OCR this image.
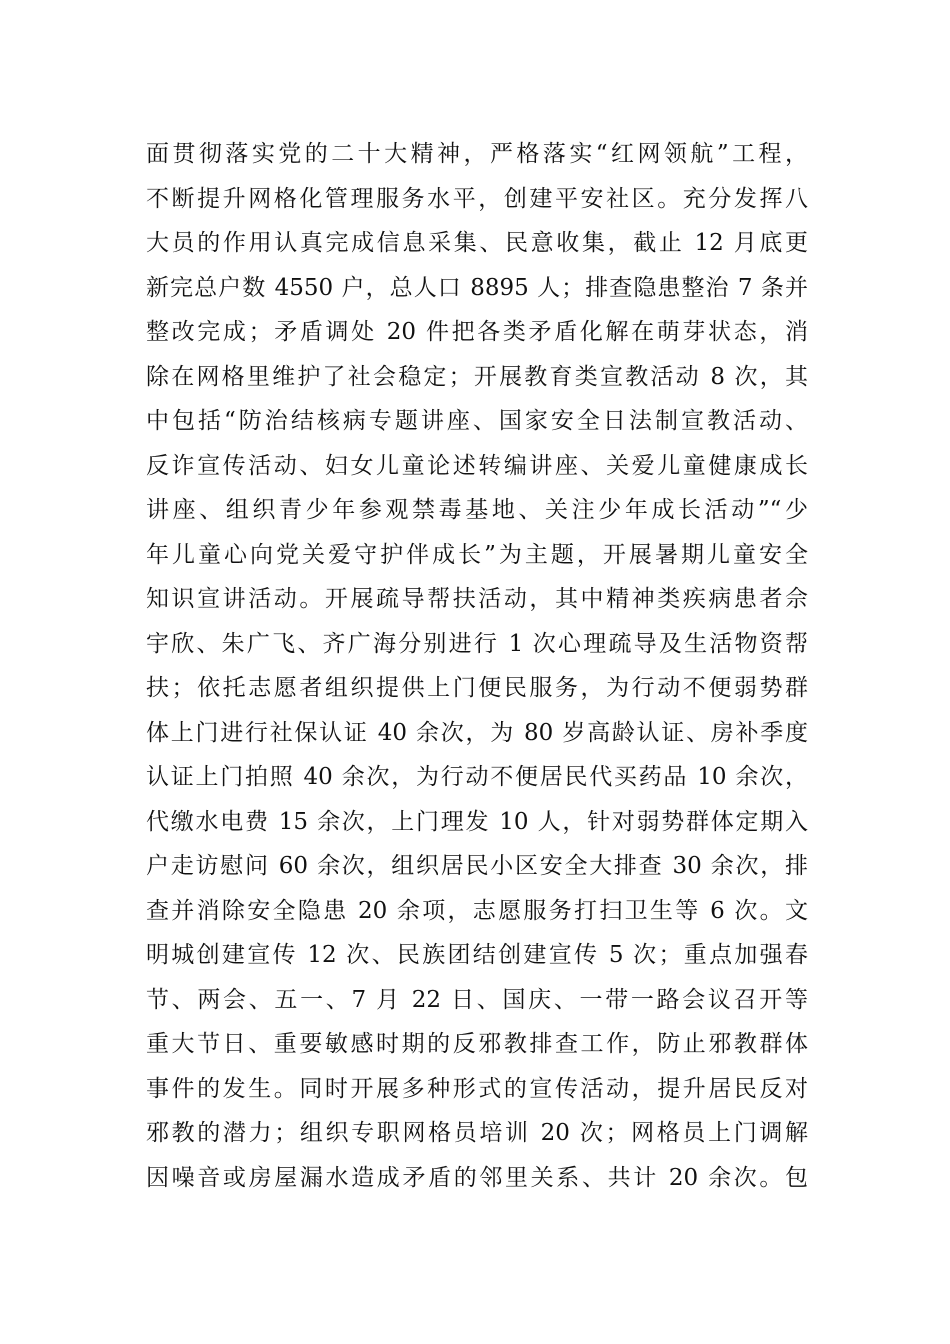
面贯彻落实党的二十大精神，严格落实“红网领航”工程，
不断提升网格化管理服务水平，创建平安社区。充分发挥八
大员的作用认真完成信息采集、民意收集，截止 12 月底更
新完总户数 4550 户，总人口 8895 人；排查隐患整治 7 条并
整改完成；矛盾调处 20 件把各类矛盾化解在萌芽状态，消
除在网格里维护了社会稳定；开展教育类宣教活动 8 次，其
中包括“防治结核病专题讲座、国家安全日法制宣教活动、
反诈宣传活动、妇女儿童论述转编讲座、关爱儿童健康成长
讲座、组织青少年参观禁毒基地、关注少年成长活动”“少
年儿童心向党关爱守护伴成长”为主题，开展暑期儿童安全
知识宣讲活动。开展疏导帮扶活动，其中精神类疾病患者佘
宇欣、朱广飞、齐广海分别进行 1 次心理疏导及生活物资帮
扶；依托志愿者组织提供上门便民服务，为行动不便弱势群
体上门进行社保认证 40 余次，为 80 岁高龄认证、房补季度
认证上门拍照 40 余次，为行动不便居民代买药品 10 余次，
代缴水电费 15 余次，上门理发 10 人，针对弱势群体定期入
户走访慰问 60 余次，组织居民小区安全大排查 30 余次，排
查并消除安全隐患 20 余项，志愿服务打扫卫生等 6 次。文
明城创建宣传 12 次、民族团结创建宣传 5 次；重点加强春
节、两会、五一、7 月 22 日、国庆、一带一路会议召开等
重大节日、重要敏感时期的反邪教排查工作，防止邪教群体
事件的发生。同时开展多种形式的宣传活动，提升居民反对
邪教的潜力；组织专职网格员培训 20 次；网格员上门调解
因噪音或房屋漏水造成矛盾的邻里关系、共计 20 余次。包
